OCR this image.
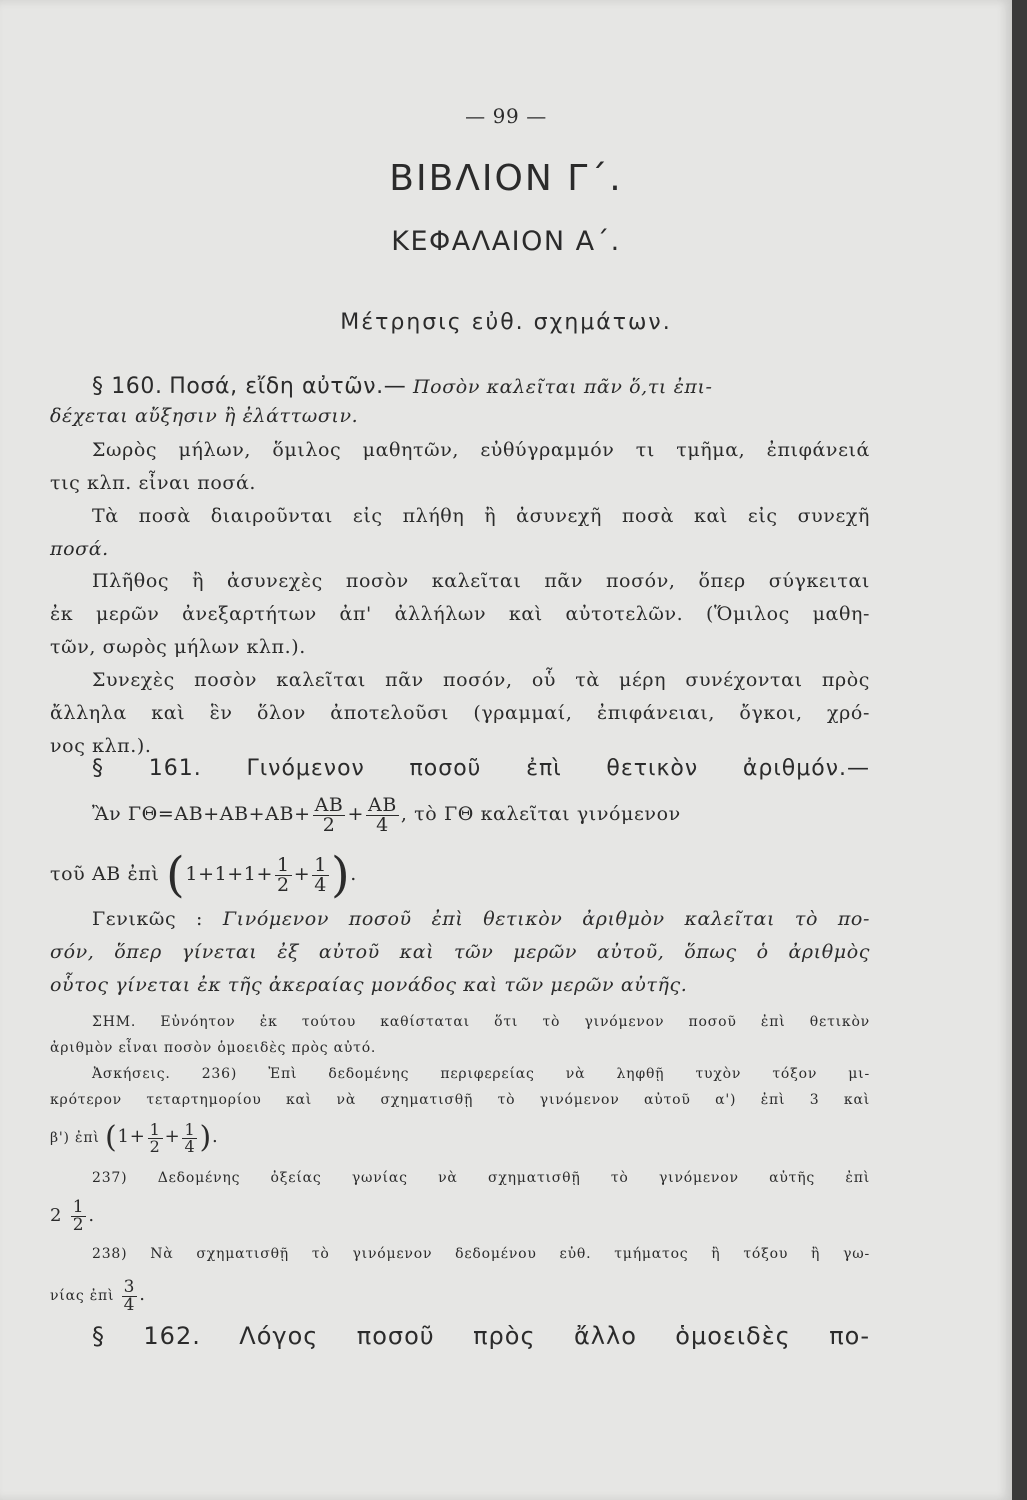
— 99 —
ΒΙΒΛΙΟΝ Γ΄.
ΚΕΦΑΛΑΙΟΝ Α΄.
Μέτρησις εὐθ. σχημάτων.
§ 160. Ποσά, εἴδη αὐτῶν.— Ποσὸν καλεῖται πᾶν ὅ,τι ἐπι-
δέχεται αὔξησιν ἢ ἐλάττωσιν.
Σωρὸς μήλων, ὅμιλος μαθητῶν, εὐθύγραμμόν τι τμῆμα, ἐπιφάνειά
τις κλπ. εἶναι ποσά.
Τὰ ποσὰ διαιροῦνται εἰς πλήθη ἢ ἀσυνεχῆ ποσὰ καὶ εἰς συνεχῆ
ποσά.
Πλῆθος ἢ ἀσυνεχὲς ποσὸν καλεῖται πᾶν ποσόν, ὅπερ σύγκειται
ἐκ μερῶν ἀνεξαρτήτων ἀπ' ἀλλήλων καὶ αὐτοτελῶν. (Ὅμιλος μαθη-
τῶν, σωρὸς μήλων κλπ.).
Συνεχὲς ποσὸν καλεῖται πᾶν ποσόν, οὗ τὰ μέρη συνέχονται πρὸς
ἄλληλα καὶ ἓν ὅλον ἀποτελοῦσι (γραμμαί, ἐπιφάνειαι, ὄγκοι, χρό-
νος κλπ.).
§ 161. Γινόμενον ποσοῦ ἐπὶ θετικὸν ἀριθμόν.—
Ἂν $\Gamma\Theta=AB+AB+AB+ \frac{AB}{2} + \frac{AB}{4}$ , τὸ ΓΘ καλεῖται γινόμενον
τοῦ ΑΒ ἐπὶ ($1+1+1+ \frac{1}{2} + \frac{1}{4}$ ).
Γενικῶς : Γινόμενον ποσοῦ ἐπὶ θετικὸν ἀριθμὸν καλεῖται τὸ πο-
σόν, ὅπερ γίνεται ἐξ αὐτοῦ καὶ τῶν μερῶν αὐτοῦ, ὅπως ὁ ἀριθμὸς
οὗτος γίνεται ἐκ τῆς ἀκεραίας μονάδος καὶ τῶν μερῶν αὐτῆς.
ΣΗΜ. Εὐνόητον ἐκ τούτου καθίσταται ὅτι τὸ γινόμενον ποσοῦ ἐπὶ θετικὸν
ἀριθμὸν εἶναι ποσὸν ὁμοειδὲς πρὸς αὐτό.
Ἀσκήσεις. 236) Ἐπὶ δεδομένης περιφερείας νὰ ληφθῇ τυχὸν τόξον μι-
κρότερον τεταρτημορίου καὶ νὰ σχηματισθῇ τὸ γινόμενον αὐτοῦ α') ἐπὶ 3 καὶ
β') ἐπὶ ($1+ \frac{1}{2} + \frac{1}{4}$ ).
237) Δεδομένης ὀξείας γωνίας νὰ σχηματισθῇ τὸ γινόμενον αὐτῆς ἐπὶ
$2 \frac{1}{2}$ .
238) Νὰ σχηματισθῇ τὸ γινόμενον δεδομένου εὐθ. τμήματος ἢ τόξου ἢ γω-
νίας ἐπὶ $\frac{3}{4}$ .
§ 162. Λόγος ποσοῦ πρὸς ἄλλο ὁμοειδὲς πο-
